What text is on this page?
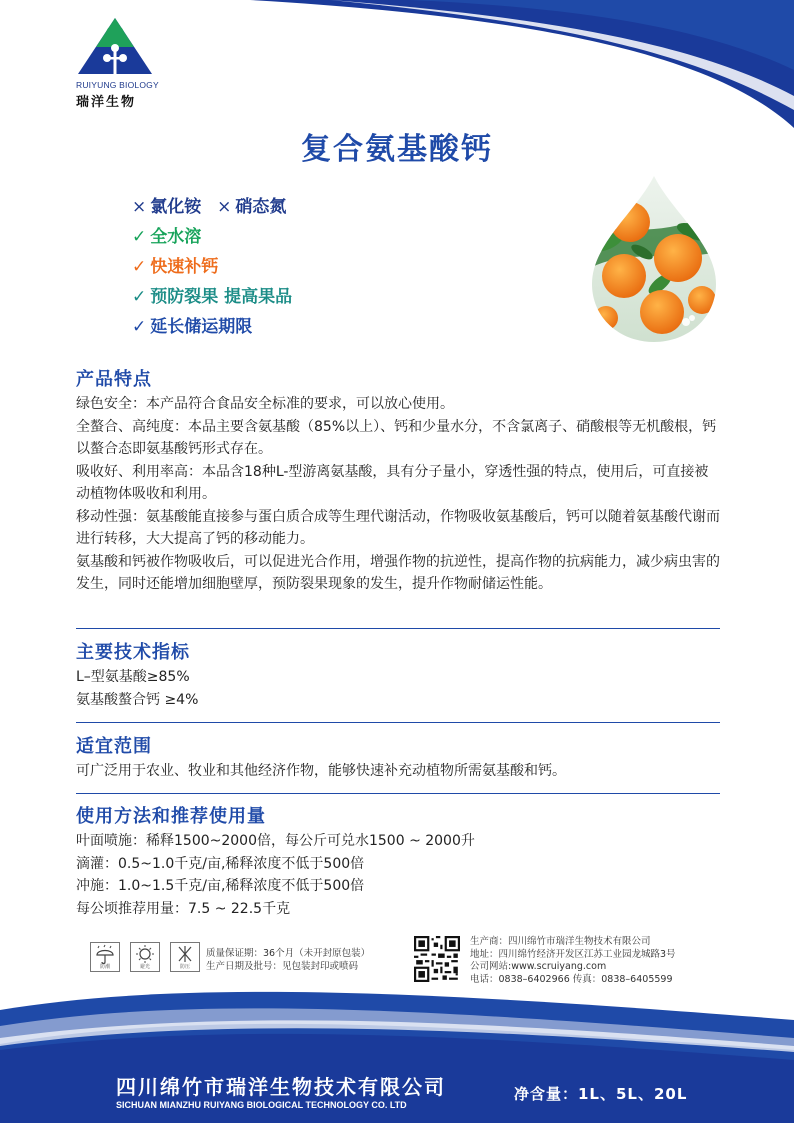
RUIYUNG BIOLOGY
瑞洋生物
复合氨基酸钙
× 氯化铵 × 硝态氮
✓ 全水溶
✓ 快速补钙
✓ 预防裂果 提高果品
✓ 延长储运期限
产品特点

绿色安全：本产品符合食品安全标准的要求，可以放心使用。

全螯合、高纯度：本品主要含氨基酸（85%以上）、钙和少量水分，不含氯离子、硝酸根等无机酸根，钙以螯合态即氨基酸钙形式存在。

吸收好、利用率高：本品含18种L-型游离氨基酸，具有分子量小，穿透性强的特点，使用后，可直接被动植物体吸收和利用。

移动性强：氨基酸能直接参与蛋白质合成等生理代谢活动，作物吸收氨基酸后，钙可以随着氨基酸代谢而进行转移，大大提高了钙的移动能力。

氨基酸和钙被作物吸收后，可以促进光合作用，增强作物的抗逆性，提高作物的抗病能力，减少病虫害的发生，同时还能增加细胞壁厚，预防裂果现象的发生，提升作物耐储运性能。

主要技术指标

L–型氨基酸≥85%

氨基酸螯合钙 ≥4%

适宜范围

可广泛用于农业、牧业和其他经济作物，能够快速补充动植物所需氨基酸和钙。

使用方法和推荐使用量

叶面喷施：稀释1500~2000倍，每公斤可兑水1500 ~ 2000升

滴灌：0.5~1.0千克/亩,稀释浓度不低于500倍

冲施：1.0~1.5千克/亩,稀释浓度不低于500倍

每公顷推荐用量：7.5 ~ 22.5千克

防潮	避光	防压
质量保证期：36个月（未开封原包装）
生产日期及批号：见包装封印或喷码
生产商：四川绵竹市瑞洋生物技术有限公司
地址：四川绵竹经济开发区江苏工业园龙城路3号
公司网站:www.scruiyang.com
电话：0838–6402966 传真：0838–6405599
四川绵竹市瑞洋生物技术有限公司
SICHUAN MIANZHU RUIYANG BIOLOGICAL TECHNOLOGY CO. LTD
净含量：1L、5L、20L
